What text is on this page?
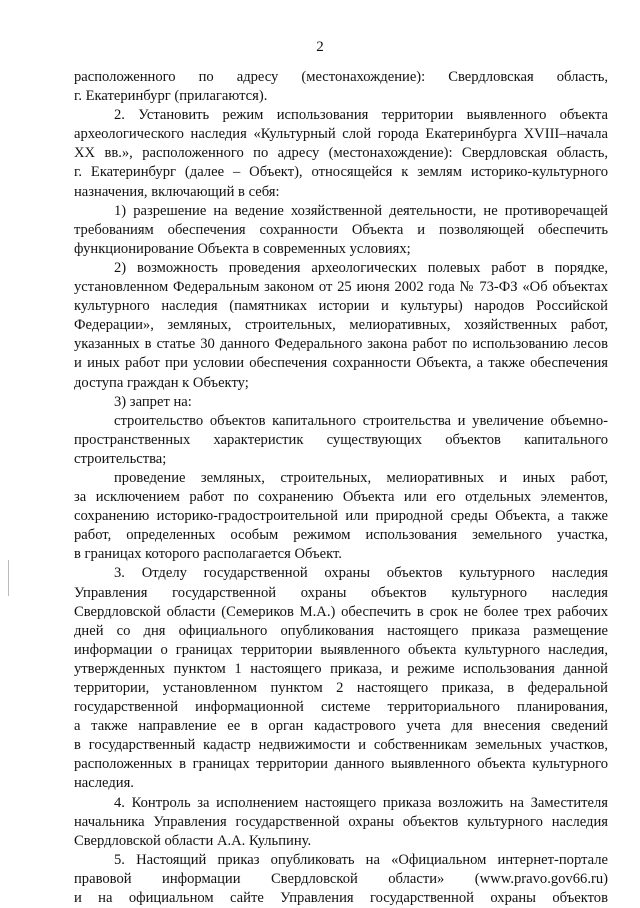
2
расположенного по адресу (местонахождение): Свердловская область,
г. Екатеринбург (прилагаются).
2. Установить режим использования территории выявленного объекта
археологического наследия «Культурный слой города Екатеринбурга XVIII–начала
XX вв.», расположенного по адресу (местонахождение): Свердловская область,
г. Екатеринбург (далее – Объект), относящейся к землям историко-культурного
назначения, включающий в себя:
1) разрешение на ведение хозяйственной деятельности, не противоречащей
требованиям обеспечения сохранности Объекта и позволяющей обеспечить
функционирование Объекта в современных условиях;
2) возможность проведения археологических полевых работ в порядке,
установленном Федеральным законом от 25 июня 2002 года № 73-ФЗ «Об объектах
культурного наследия (памятниках истории и культуры) народов Российской
Федерации», земляных, строительных, мелиоративных, хозяйственных работ,
указанных в статье 30 данного Федерального закона работ по использованию лесов
и иных работ при условии обеспечения сохранности Объекта, а также обеспечения
доступа граждан к Объекту;
3) запрет на:
строительство объектов капитального строительства и увеличение объемно-
пространственных характеристик существующих объектов капитального
строительства;
проведение земляных, строительных, мелиоративных и иных работ,
за исключением работ по сохранению Объекта или его отдельных элементов,
сохранению историко-градостроительной или природной среды Объекта, а также
работ, определенных особым режимом использования земельного участка,
в границах которого располагается Объект.
3. Отделу государственной охраны объектов культурного наследия
Управления государственной охраны объектов культурного наследия
Свердловской области (Семериков М.А.) обеспечить в срок не более трех рабочих
дней со дня официального опубликования настоящего приказа размещение
информации о границах территории выявленного объекта культурного наследия,
утвержденных пунктом 1 настоящего приказа, и режиме использования данной
территории, установленном пунктом 2 настоящего приказа, в федеральной
государственной информационной системе территориального планирования,
а также направление ее в орган кадастрового учета для внесения сведений
в государственный кадастр недвижимости и собственникам земельных участков,
расположенных в границах территории данного выявленного объекта культурного
наследия.
4. Контроль за исполнением настоящего приказа возложить на Заместителя
начальника Управления государственной охраны объектов культурного наследия
Свердловской области А.А. Кульпину.
5. Настоящий приказ опубликовать на «Официальном интернет-портале
правовой информации Свердловской области» (www.pravo.gov66.ru)
и на официальном сайте Управления государственной охраны объектов
